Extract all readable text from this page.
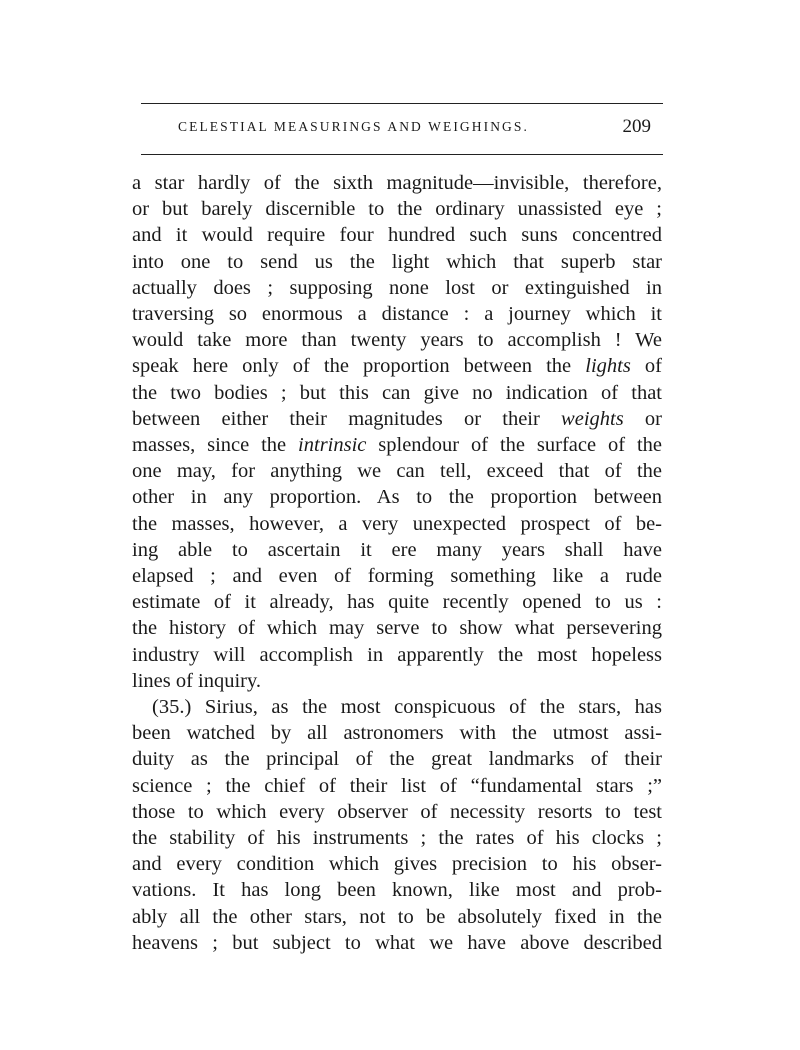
CELESTIAL MEASURINGS AND WEIGHINGS.	209
a star hardly of the sixth magnitude—invisible, therefore,
or but barely discernible to the ordinary unassisted eye ;
and it would require four hundred such suns concentred
into one to send us the light which that superb star
actually does ; supposing none lost or extinguished in
traversing so enormous a distance : a journey which it
would take more than twenty years to accomplish ! We
speak here only of the proportion between the lights of
the two bodies ; but this can give no indication of that
between either their magnitudes or their weights or
masses, since the intrinsic splendour of the surface of the
one may, for anything we can tell, exceed that of the
other in any proportion. As to the proportion between
the masses, however, a very unexpected prospect of be-
ing able to ascertain it ere many years shall have
elapsed ; and even of forming something like a rude
estimate of it already, has quite recently opened to us :
the history of which may serve to show what persevering
industry will accomplish in apparently the most hopeless
lines of inquiry.
(35.) Sirius, as the most conspicuous of the stars, has
been watched by all astronomers with the utmost assi-
duity as the principal of the great landmarks of their
science ; the chief of their list of “fundamental stars ;”
those to which every observer of necessity resorts to test
the stability of his instruments ; the rates of his clocks ;
and every condition which gives precision to his obser-
vations. It has long been known, like most and prob-
ably all the other stars, not to be absolutely fixed in the
heavens ; but subject to what we have above described
